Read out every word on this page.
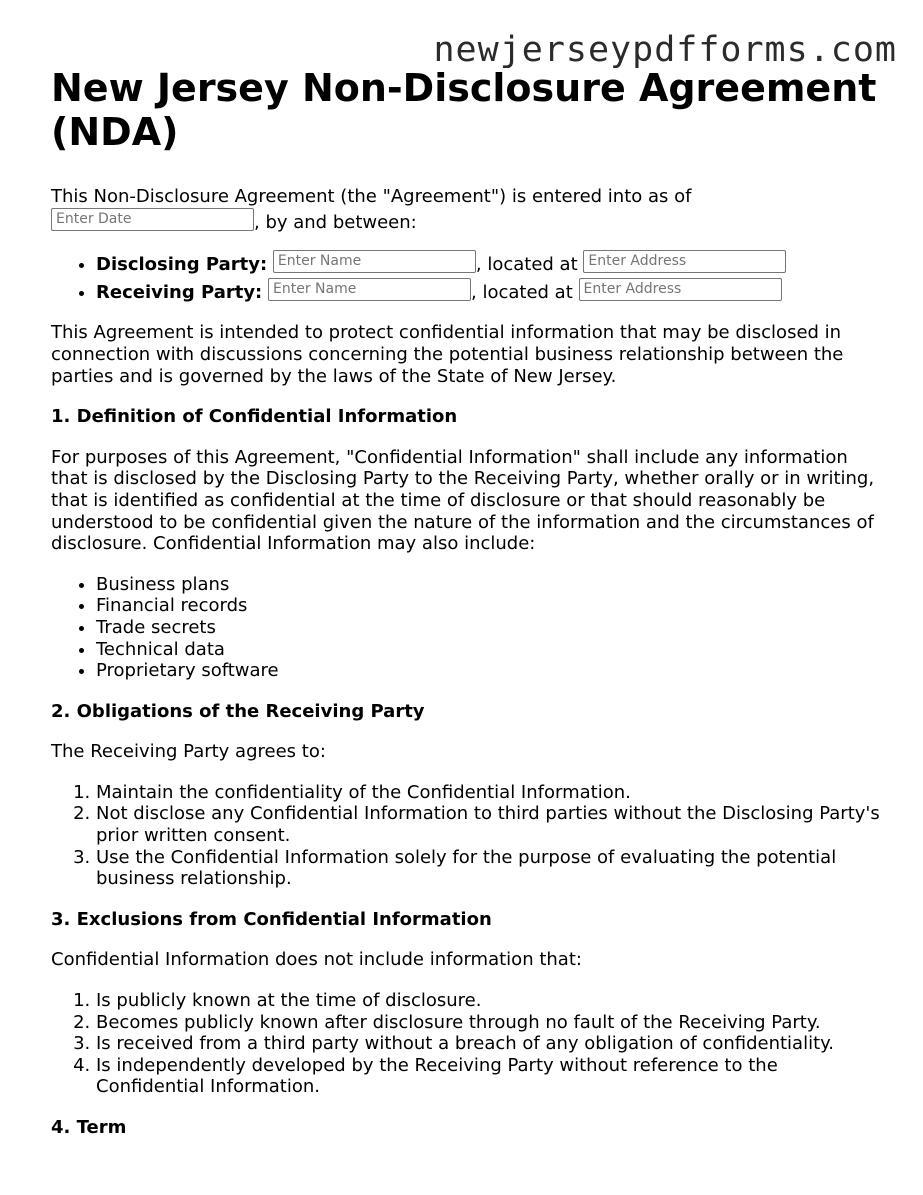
newjerseypdfforms.com
New Jersey Non-Disclosure Agreement (NDA)

This Non-Disclosure Agreement (the "Agreement") is entered into as of
Enter Date	, by and between:

• Disclosing Party: Enter Name	, located at Enter Address
• Receiving Party: Enter Name	, located at Enter Address

This Agreement is intended to protect confidential information that may be disclosed in connection with discussions concerning the potential business relationship between the parties and is governed by the laws of the State of New Jersey.

1. Definition of Confidential Information

For purposes of this Agreement, "Confidential Information" shall include any information that is disclosed by the Disclosing Party to the Receiving Party, whether orally or in writing, that is identified as confidential at the time of disclosure or that should reasonably be understood to be confidential given the nature of the information and the circumstances of disclosure. Confidential Information may also include:

• Business plans
• Financial records
• Trade secrets
• Technical data
• Proprietary software
2. Obligations of the Receiving Party

The Receiving Party agrees to:

1. Maintain the confidentiality of the Confidential Information.
2. Not disclose any Confidential Information to third parties without the Disclosing Party's prior written consent.
3. Use the Confidential Information solely for the purpose of evaluating the potential business relationship.
3. Exclusions from Confidential Information

Confidential Information does not include information that:

1. Is publicly known at the time of disclosure.
2. Becomes publicly known after disclosure through no fault of the Receiving Party.
3. Is received from a third party without a breach of any obligation of confidentiality.
4. Is independently developed by the Receiving Party without reference to the Confidential Information.
4. Term
